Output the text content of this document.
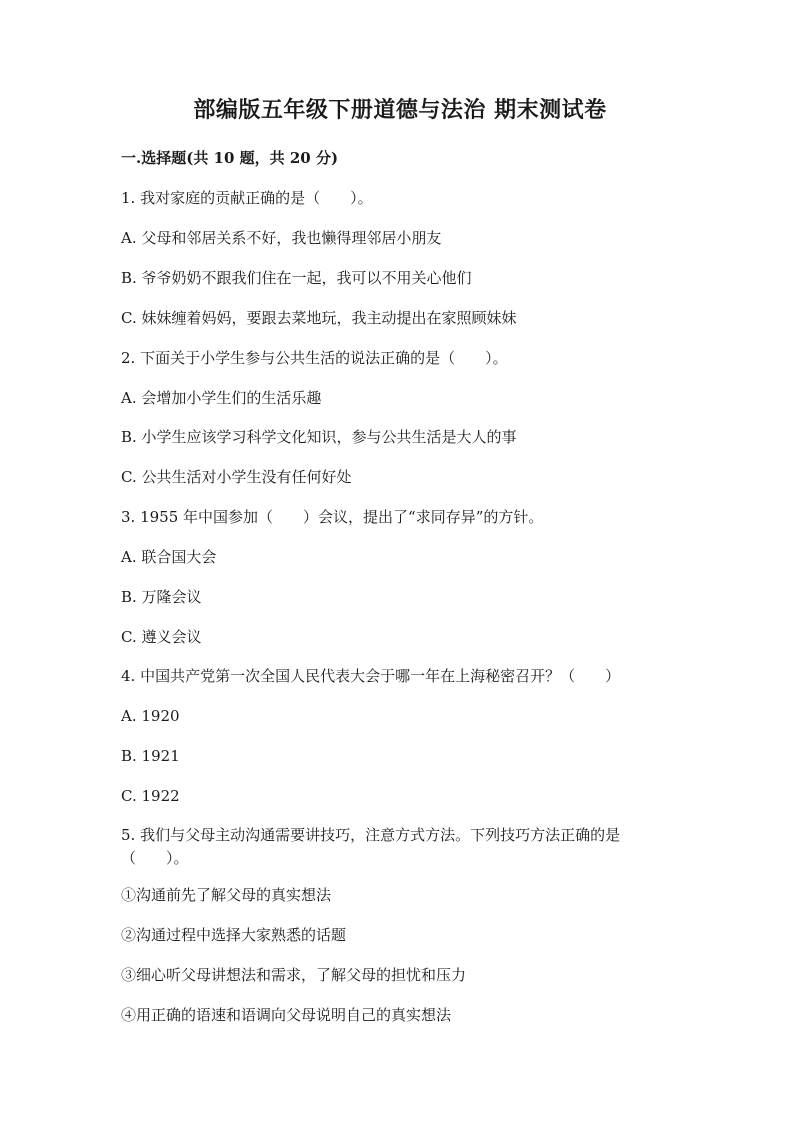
部编版五年级下册道德与法治 期末测试卷
一.选择题(共 10 题，共 20 分)
1. 我对家庭的贡献正确的是（　　）。
A. 父母和邻居关系不好，我也懒得理邻居小朋友
B. 爷爷奶奶不跟我们住在一起，我可以不用关心他们
C. 妹妹缠着妈妈，要跟去菜地玩，我主动提出在家照顾妹妹
2. 下面关于小学生参与公共生活的说法正确的是（　　）。
A. 会增加小学生们的生活乐趣
B. 小学生应该学习科学文化知识，参与公共生活是大人的事
C. 公共生活对小学生没有任何好处
3. 1955 年中国参加（　　）会议，提出了“求同存异”的方针。
A. 联合国大会
B. 万隆会议
C. 遵义会议
4. 中国共产党第一次全国人民代表大会于哪一年在上海秘密召开？（　　）
A. 1920
B. 1921
C. 1922
5. 我们与父母主动沟通需要讲技巧，注意方式方法。下列技巧方法正确的是（　　）。
①沟通前先了解父母的真实想法
②沟通过程中选择大家熟悉的话题
③细心听父母讲想法和需求，了解父母的担忧和压力
④用正确的语速和语调向父母说明自己的真实想法
